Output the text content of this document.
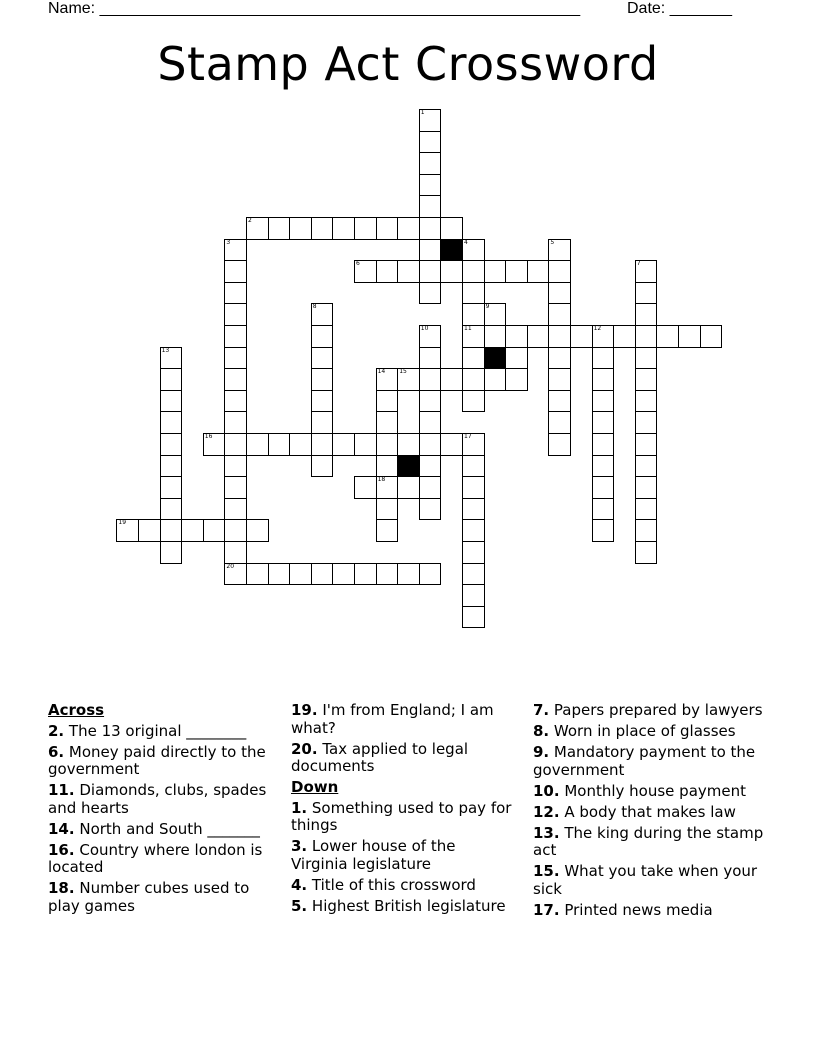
Name: ______________________________________________________	Date: _______
Stamp Act Crossword
1
2
3	4	5
6	7
8	9
10	11	12
13
14 15
16	17
18
19
20
Across
2. The 13 original ________
6. Money paid directly to the government
11. Diamonds, clubs, spades and hearts
14. North and South _______
16. Country where london is located
18. Number cubes used to play games
19. I'm from England; I am what?
20. Tax applied to legal documents
Down
1. Something used to pay for things
3. Lower house of the Virginia legislature
4. Title of this crossword
5. Highest British legislature
7. Papers prepared by lawyers
8. Worn in place of glasses
9. Mandatory payment to the government
10. Monthly house payment
12. A body that makes law
13. The king during the stamp act
15. What you take when your sick
17. Printed news media
